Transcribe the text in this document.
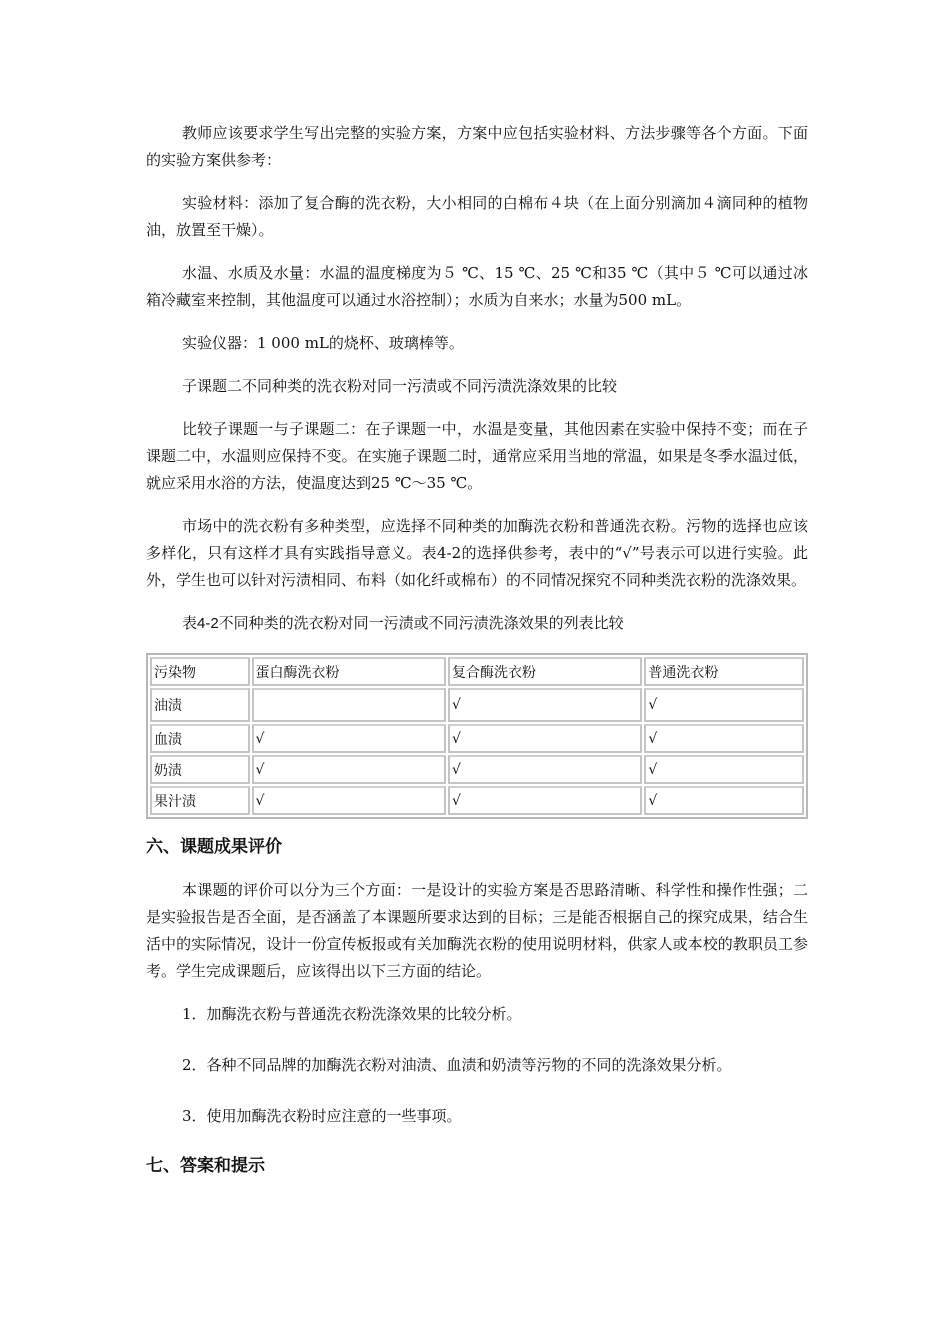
教师应该要求学生写出完整的实验方案，方案中应包括实验材料、方法步骤等各个方面。下面的实验方案供参考：

实验材料：添加了复合酶的洗衣粉，大小相同的白棉布４块（在上面分别滴加４滴同种的植物油，放置至干燥）。

水温、水质及水量：水温的温度梯度为５ ℃、15 ℃、25 ℃和35 ℃（其中５ ℃可以通过冰箱冷藏室来控制，其他温度可以通过水浴控制）；水质为自来水；水量为500 mL。

实验仪器：1 000 mL的烧杯、玻璃棒等。

子课题二不同种类的洗衣粉对同一污渍或不同污渍洗涤效果的比较

比较子课题一与子课题二：在子课题一中，水温是变量，其他因素在实验中保持不变；而在子课题二中，水温则应保持不变。在实施子课题二时，通常应采用当地的常温，如果是冬季水温过低，就应采用水浴的方法，使温度达到25 ℃～35 ℃。

市场中的洗衣粉有多种类型，应选择不同种类的加酶洗衣粉和普通洗衣粉。污物的选择也应该多样化，只有这样才具有实践指导意义。表4-2的选择供参考，表中的“√”号表示可以进行实验。此外，学生也可以针对污渍相同、布料（如化纤或棉布）的不同情况探究不同种类洗衣粉的洗涤效果。

表4-2不同种类的洗衣粉对同一污渍或不同污渍洗涤效果的列表比较

污染物	蛋白酶洗衣粉	复合酶洗衣粉	普通洗衣粉
油渍		√	√
血渍	√	√	√
奶渍	√	√	√
果汁渍	√	√	√
六、课题成果评价

本课题的评价可以分为三个方面：一是设计的实验方案是否思路清晰、科学性和操作性强；二是实验报告是否全面，是否涵盖了本课题所要求达到的目标；三是能否根据自己的探究成果，结合生活中的实际情况，设计一份宣传板报或有关加酶洗衣粉的使用说明材料，供家人或本校的教职员工参考。学生完成课题后，应该得出以下三方面的结论。

1．加酶洗衣粉与普通洗衣粉洗涤效果的比较分析。

2．各种不同品牌的加酶洗衣粉对油渍、血渍和奶渍等污物的不同的洗涤效果分析。

3．使用加酶洗衣粉时应注意的一些事项。

七、答案和提示
